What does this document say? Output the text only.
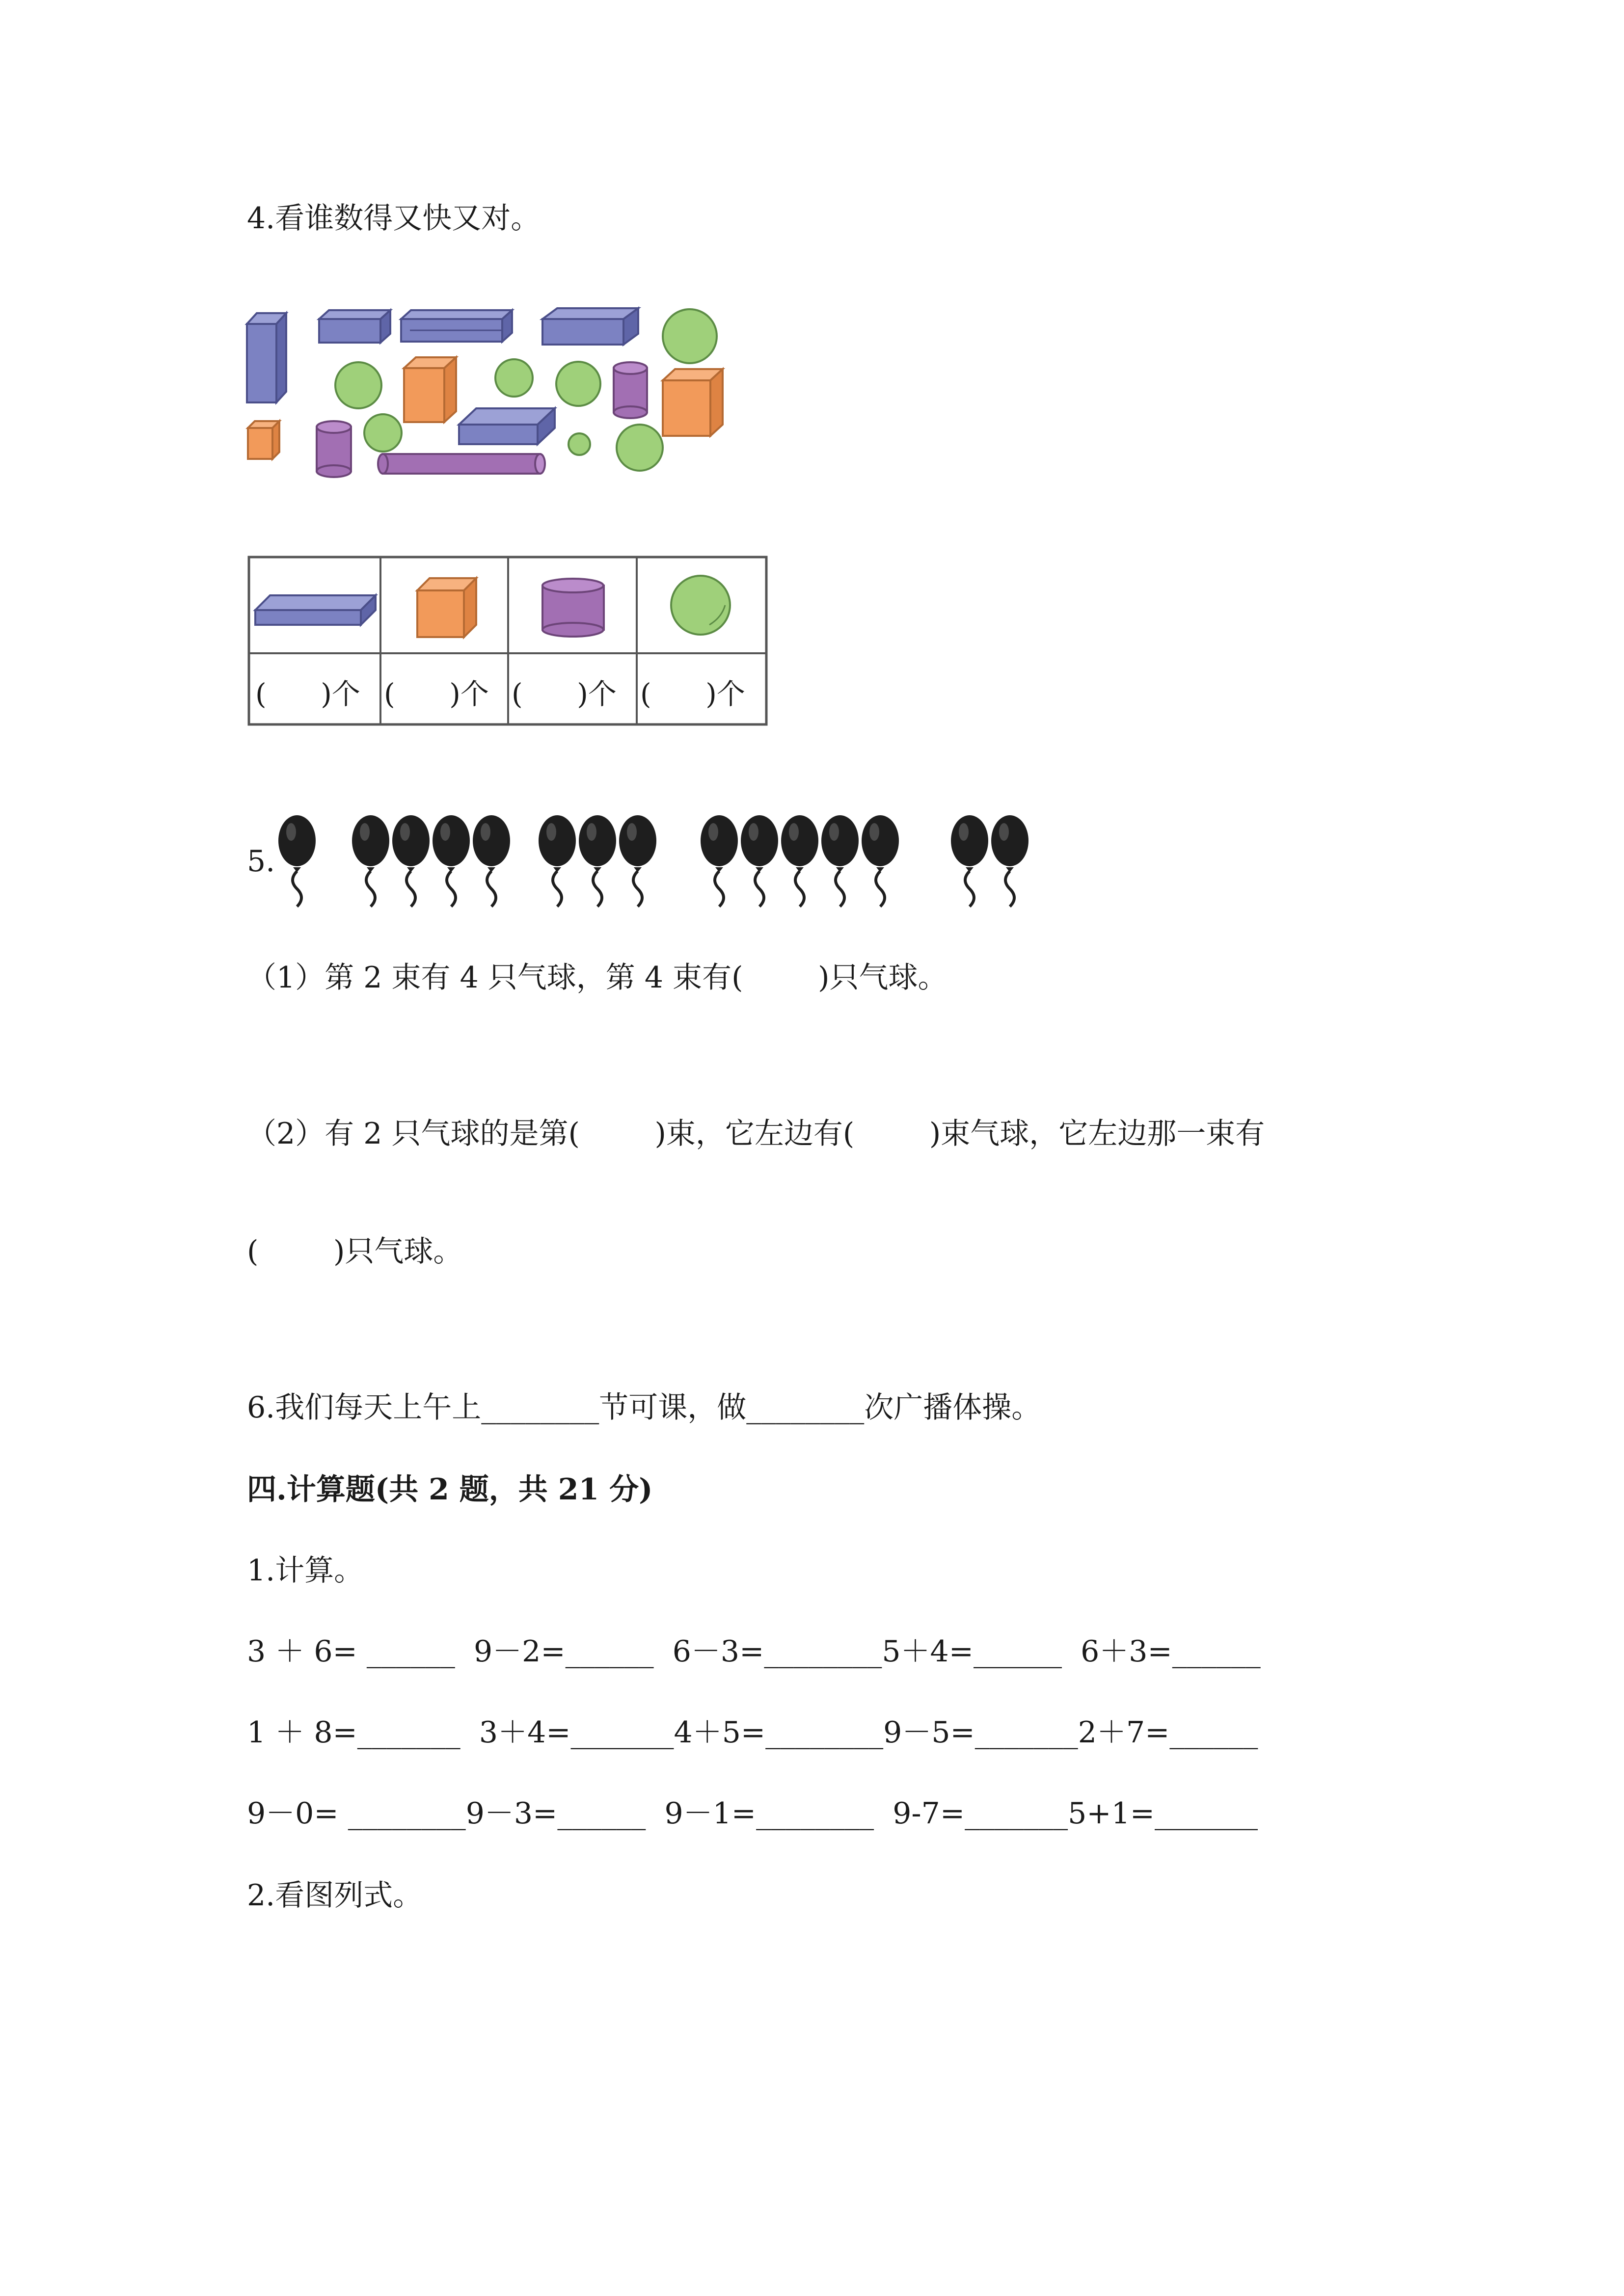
4.看谁数得又快又对。
(      )个 (      )个 (      )个 (      )个
5.
（1）第 2 束有 4 只气球，第 4 束有(        )只气球。
（2）有 2 只气球的是第(        )束，它左边有(        )束气球，它左边那一束有
(        )只气球。
6.我们每天上午上________节可课，做________次广播体操。
四.计算题(共 2 题，共 21 分)
1.计算。
3 ＋ 6= ______  9－2=______  6－3=________5＋4=______  6＋3=______
1 ＋ 8=_______  3＋4=_______4＋5=________9－5=_______2＋7=______
9－0= ________9－3=______  9－1=________  9-7=_______5+1=_______
2.看图列式。
